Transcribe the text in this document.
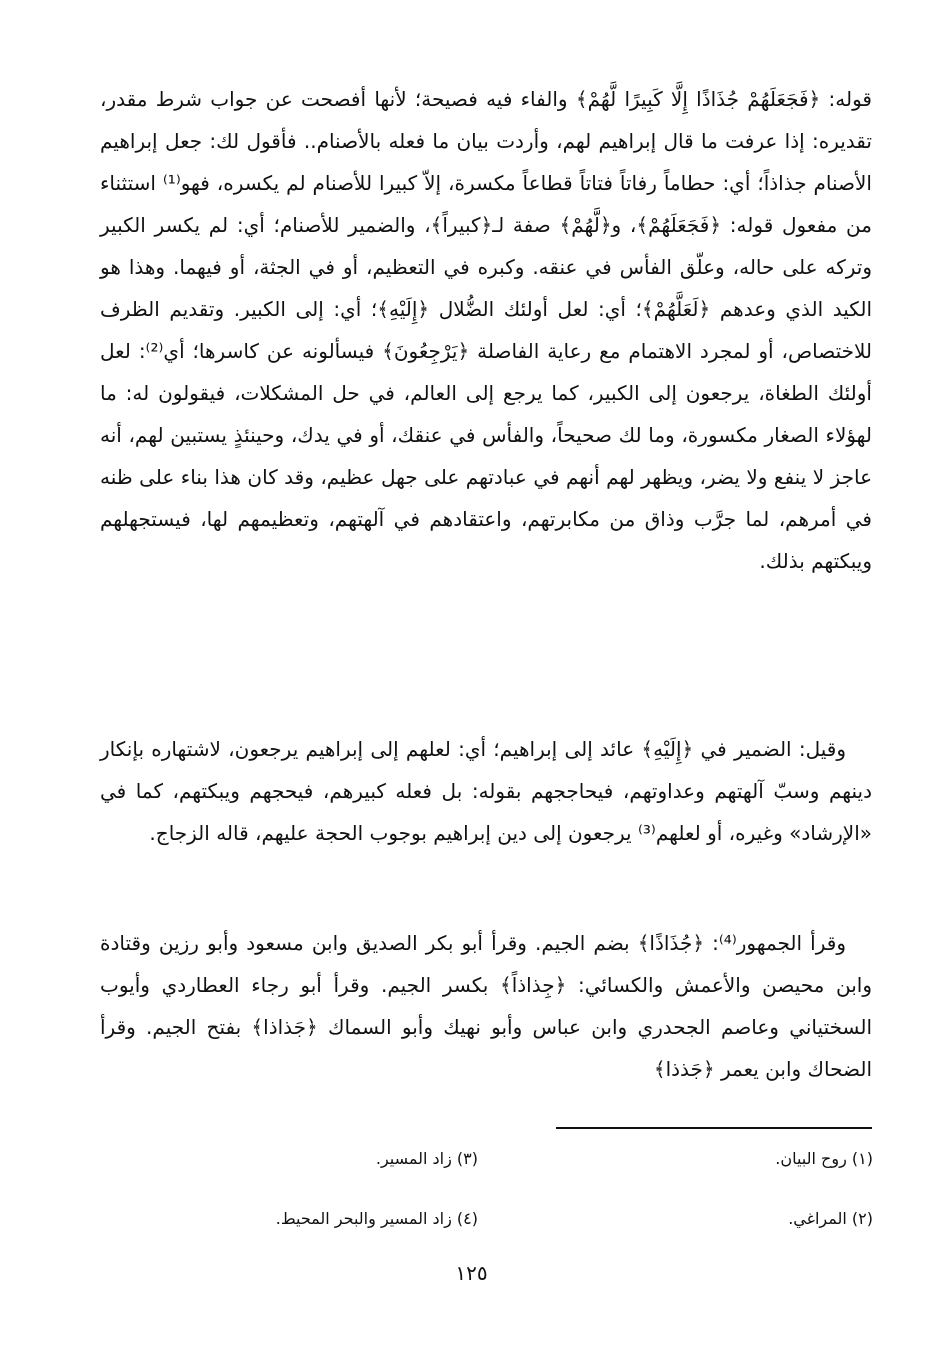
قوله: ﴿فَجَعَلَهُمْ جُذَاذًا إِلَّا كَبِيرًا لَّهُمْ﴾ والفاء فيه فصيحة؛ لأنها أفصحت عن جواب شرط مقدر، تقديره: إذا عرفت ما قال إبراهيم لهم، وأردت بيان ما فعله بالأصنام.. فأقول لك: جعل إبراهيم الأصنام جذاذاً؛ أي: حطاماً رفاتاً فتاتاً قطاعاً مكسرة، إلاّ كبيرا للأصنام لم يكسره، فهو⁽¹⁾ استثناء من مفعول قوله: ﴿فَجَعَلَهُمْ﴾، و﴿لَّهُمْ﴾ صفة لـ﴿كبيراً﴾، والضمير للأصنام؛ أي: لم يكسر الكبير وتركه على حاله، وعلّق الفأس في عنقه. وكبره في التعظيم، أو في الجثة، أو فيهما. وهذا هو الكيد الذي وعدهم ﴿لَعَلَّهُمْ﴾؛ أي: لعل أولئك الضُّلال ﴿إِلَيْهِ﴾؛ أي: إلى الكبير. وتقديم الظرف للاختصاص، أو لمجرد الاهتمام مع رعاية الفاصلة ﴿يَرْجِعُونَ﴾ فيسألونه عن كاسرها؛ أي⁽²⁾: لعل أولئك الطغاة، يرجعون إلى الكبير، كما يرجع إلى العالم، في حل المشكلات، فيقولون له: ما لهؤلاء الصغار مكسورة، وما لك صحيحاً، والفأس في عنقك، أو في يدك، وحينئذٍ يستبين لهم، أنه عاجز لا ينفع ولا يضر، ويظهر لهم أنهم في عبادتهم على جهل عظيم، وقد كان هذا بناء على ظنه في أمرهم، لما جرَّب وذاق من مكابرتهم، واعتقادهم في آلهتهم، وتعظيمهم لها، فيستجهلهم ويبكتهم بذلك.

وقيل: الضمير في ﴿إِلَيْهِ﴾ عائد إلى إبراهيم؛ أي: لعلهم إلى إبراهيم يرجعون، لاشتهاره بإنكار دينهم وسبّ آلهتهم وعداوتهم، فيحاججهم بقوله: بل فعله كبيرهم، فيحجهم ويبكتهم، كما في «الإرشاد» وغيره، أو لعلهم⁽³⁾ يرجعون إلى دين إبراهيم بوجوب الحجة عليهم، قاله الزجاج.

وقرأ الجمهور⁽⁴⁾: ﴿جُذَاذًا﴾ بضم الجيم. وقرأ أبو بكر الصديق وابن مسعود وأبو رزين وقتادة وابن محيصن والأعمش والكسائي: ﴿جِذاذاً﴾ بكسر الجيم. وقرأ أبو رجاء العطاردي وأيوب السختياني وعاصم الجحدري وابن عباس وأبو نهيك وأبو السماك ﴿جَذاذا﴾ بفتح الجيم. وقرأ الضحاك وابن يعمر ﴿جَذذا﴾

(١) روح البيان.

(٢) المراغي.

(٣) زاد المسير.

(٤) زاد المسير والبحر المحيط.

١٢٥
